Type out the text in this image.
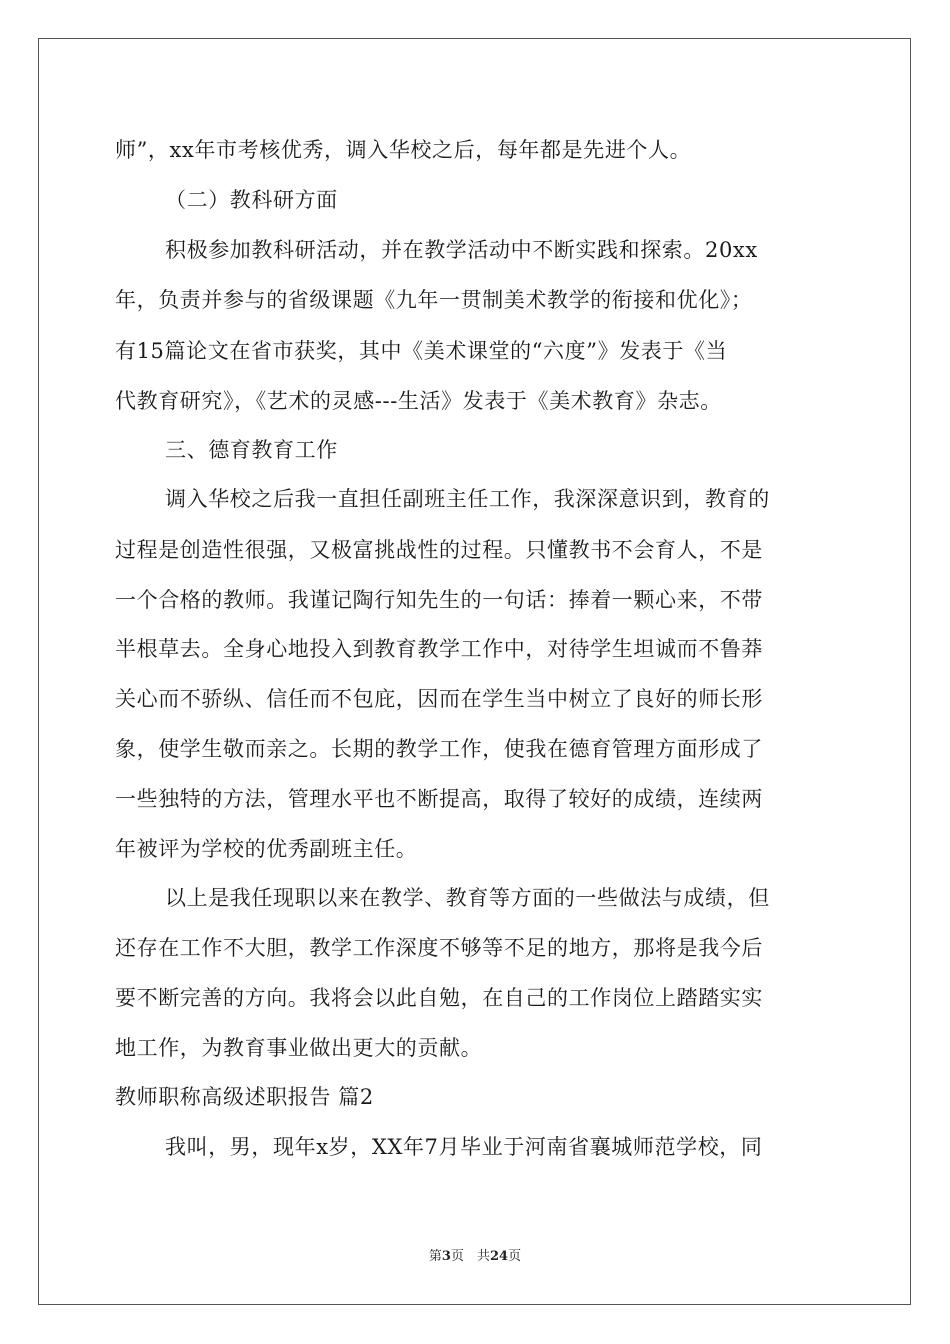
师”，xx年市考核优秀，调入华校之后，每年都是先进个人。
（二）教科研方面
积极参加教科研活动，并在教学活动中不断实践和探索。20xx
年，负责并参与的省级课题《九年一贯制美术教学的衔接和优化》；
有15篇论文在省市获奖，其中《美术课堂的“六度”》发表于《当
代教育研究》，《艺术的灵感---生活》发表于《美术教育》杂志。
三、德育教育工作
调入华校之后我一直担任副班主任工作，我深深意识到，教育的
过程是创造性很强，又极富挑战性的过程。只懂教书不会育人，不是
一个合格的教师。我谨记陶行知先生的一句话：捧着一颗心来，不带
半根草去。全身心地投入到教育教学工作中，对待学生坦诚而不鲁莽
关心而不骄纵、信任而不包庇，因而在学生当中树立了良好的师长形
象，使学生敬而亲之。长期的教学工作，使我在德育管理方面形成了
一些独特的方法，管理水平也不断提高，取得了较好的成绩，连续两
年被评为学校的优秀副班主任。
以上是我任现职以来在教学、教育等方面的一些做法与成绩，但
还存在工作不大胆，教学工作深度不够等不足的地方，那将是我今后
要不断完善的方向。我将会以此自勉，在自己的工作岗位上踏踏实实
地工作，为教育事业做出更大的贡献。
教师职称高级述职报告 篇2
我叫，男，现年x岁，XX年7月毕业于河南省襄城师范学校，同
第3页　共24页
